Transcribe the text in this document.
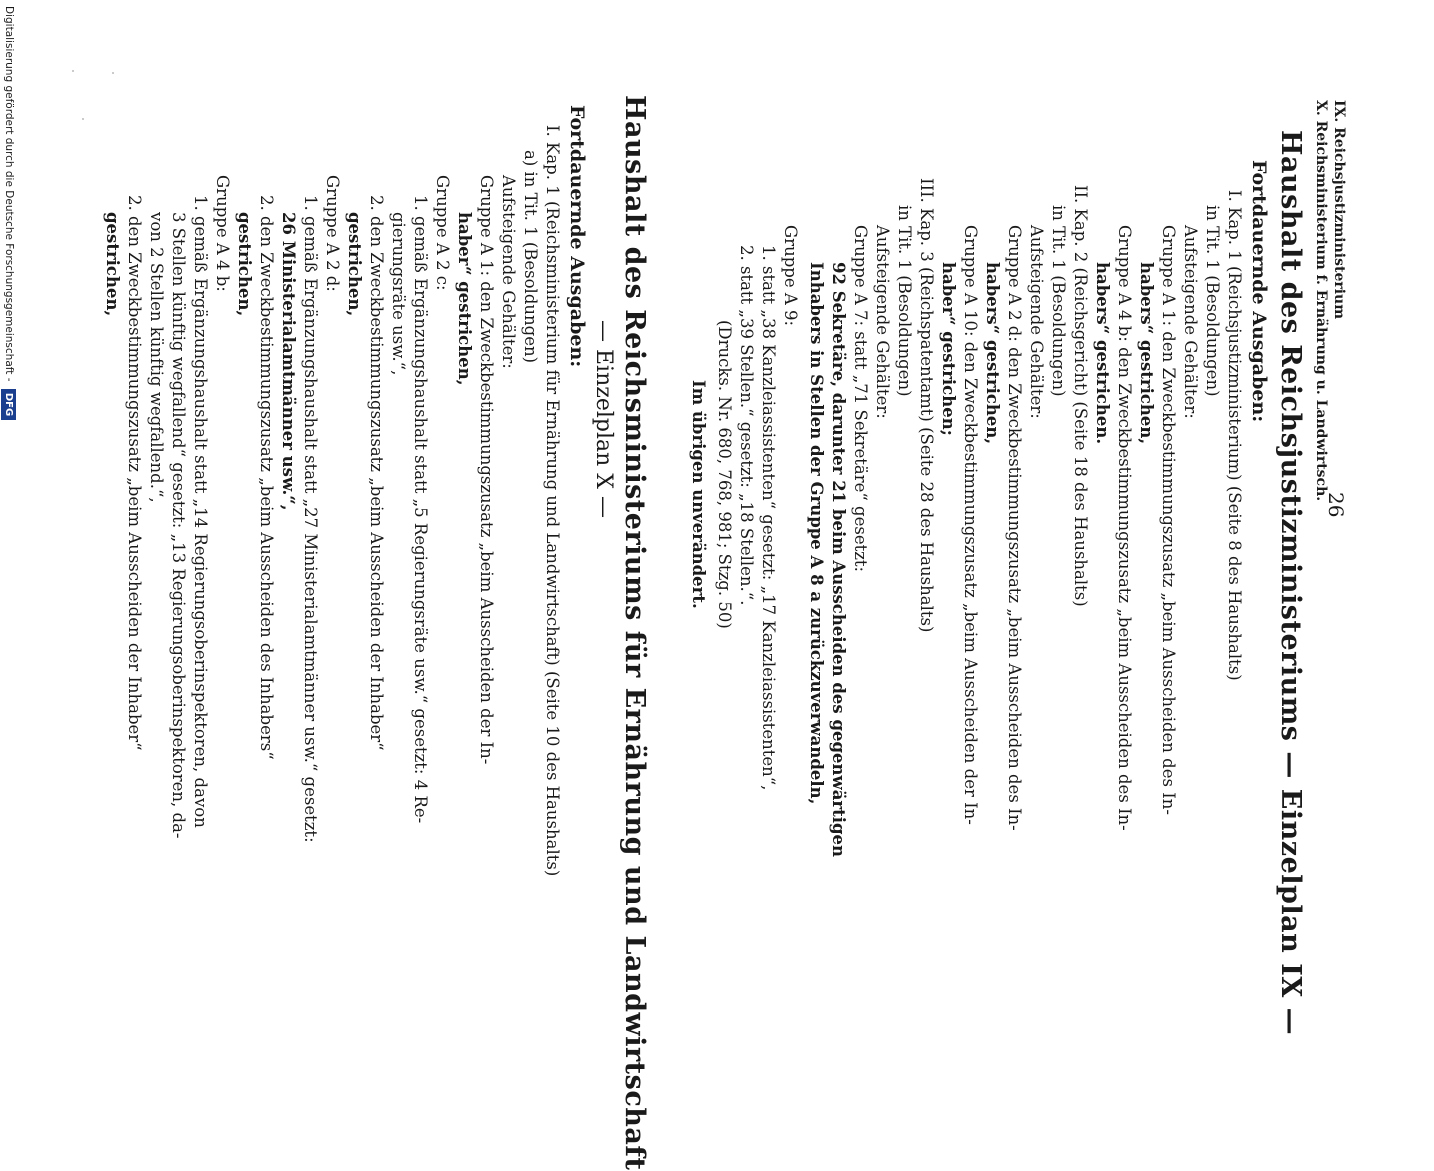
IX. Reichsjustizministerium
X. Reichsministerium f. Ernährung u. Landwirtsch.
26
Haushalt des Reichsjustizministeriums — Einzelplan IX —
Fortdauernde Ausgaben:
I. Kap. 1 (Reichsjustizministerium) (Seite 8 des Haushalts)
in Tit. 1 (Besoldungen)
Aufsteigende Gehälter:
Gruppe A 1: den Zweckbestimmungszusatz „beim Ausscheiden des In-
habers“ gestrichen,
Gruppe A 4 b: den Zweckbestimmungszusatz „beim Ausscheiden des In-
habers“ gestrichen.
II. Kap. 2 (Reichsgericht) (Seite 18 des Haushalts)
in Tit. 1 (Besoldungen)
Aufsteigende Gehälter:
Gruppe A 2 d: den Zweckbestimmungszusatz „beim Ausscheiden des In-
habers“ gestrichen,
Gruppe A 10: den Zweckbestimmungszusatz „beim Ausscheiden der In-
haber“ gestrichen;
III. Kap. 3 (Reichspatentamt) (Seite 28 des Haushalts)
in Tit. 1 (Besoldungen)
Aufsteigende Gehälter:
Gruppe A 7: statt „71 Sekretäre“ gesetzt:
92 Sekretäre, darunter 21 beim Ausscheiden des gegenwärtigen
Inhabers in Stellen der Gruppe A 8 a zurückzuverwandeln,
Gruppe A 9:
1. statt „38 Kanzleiassistenten“ gesetzt: „17 Kanzleiassistenten“,
2. statt „39 Stellen.“ gesetzt: „18 Stellen.“.
(Drucks. Nr. 680, 768, 981; Stzg. 50)
Im übrigen unverändert.
Haushalt des Reichsministeriums für Ernährung und Landwirtschaft
— Einzelplan X —
Fortdauernde Ausgaben:
I. Kap. 1 (Reichsministerium für Ernährung und Landwirtschaft) (Seite 10 des Haushalts)
a) in Tit. 1 (Besoldungen)
Aufsteigende Gehälter:
Gruppe A 1: den Zweckbestimmungszusatz „beim Ausscheiden der In-
haber“ gestrichen,
Gruppe A 2 c:
1. gemäß Ergänzungshaushalt statt „5 Regierungsräte usw.“ gesetzt: 4 Re-
gierungsräte usw.“,
2. den Zweckbestimmungszusatz „beim Ausscheiden der Inhaber“
gestrichen,
Gruppe A 2 d:
1. gemäß Ergänzungshaushalt statt „27 Ministerialamtmänner usw.“ gesetzt:
26 Ministerialamtmänner usw.“,
2. den Zweckbestimmungszusatz „beim Ausscheiden des Inhabers“
gestrichen,
Gruppe A 4 b:
1. gemäß Ergänzungshaushalt statt „14 Regierungsoberinspektoren, davon
3 Stellen künftig wegfallend“ gesetzt: „13 Regierungsoberinspektoren, da-
von 2 Stellen künftig wegfallend.“,
2. den Zweckbestimmungszusatz „beim Ausscheiden der Inhaber“
gestrichen,
Digitalisierung gefördert durch die Deutsche Forschungsgemeinschaft - DFG
